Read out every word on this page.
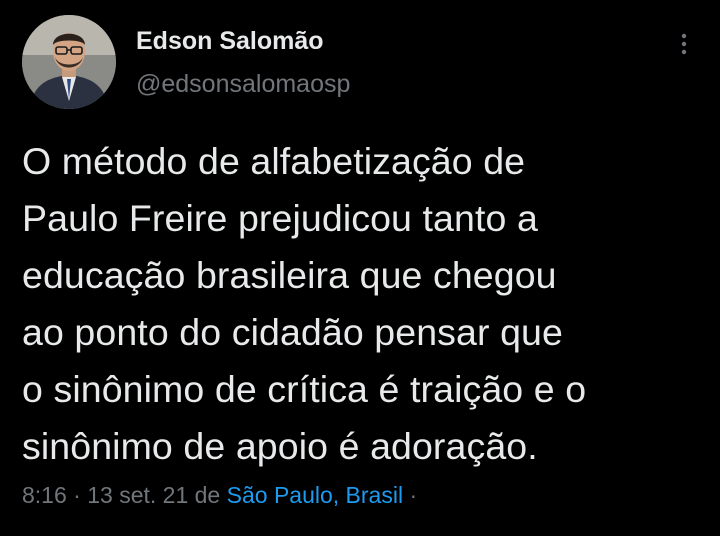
Edson Salomão
@edsonsalomaosp

O método de alfabetização de
Paulo Freire prejudicou tanto a
educação brasileira que chegou
ao ponto do cidadão pensar que
o sinônimo de crítica é traição e o
sinônimo de apoio é adoração.

8:16 · 13 set. 21 de São Paulo, Brasil ·
